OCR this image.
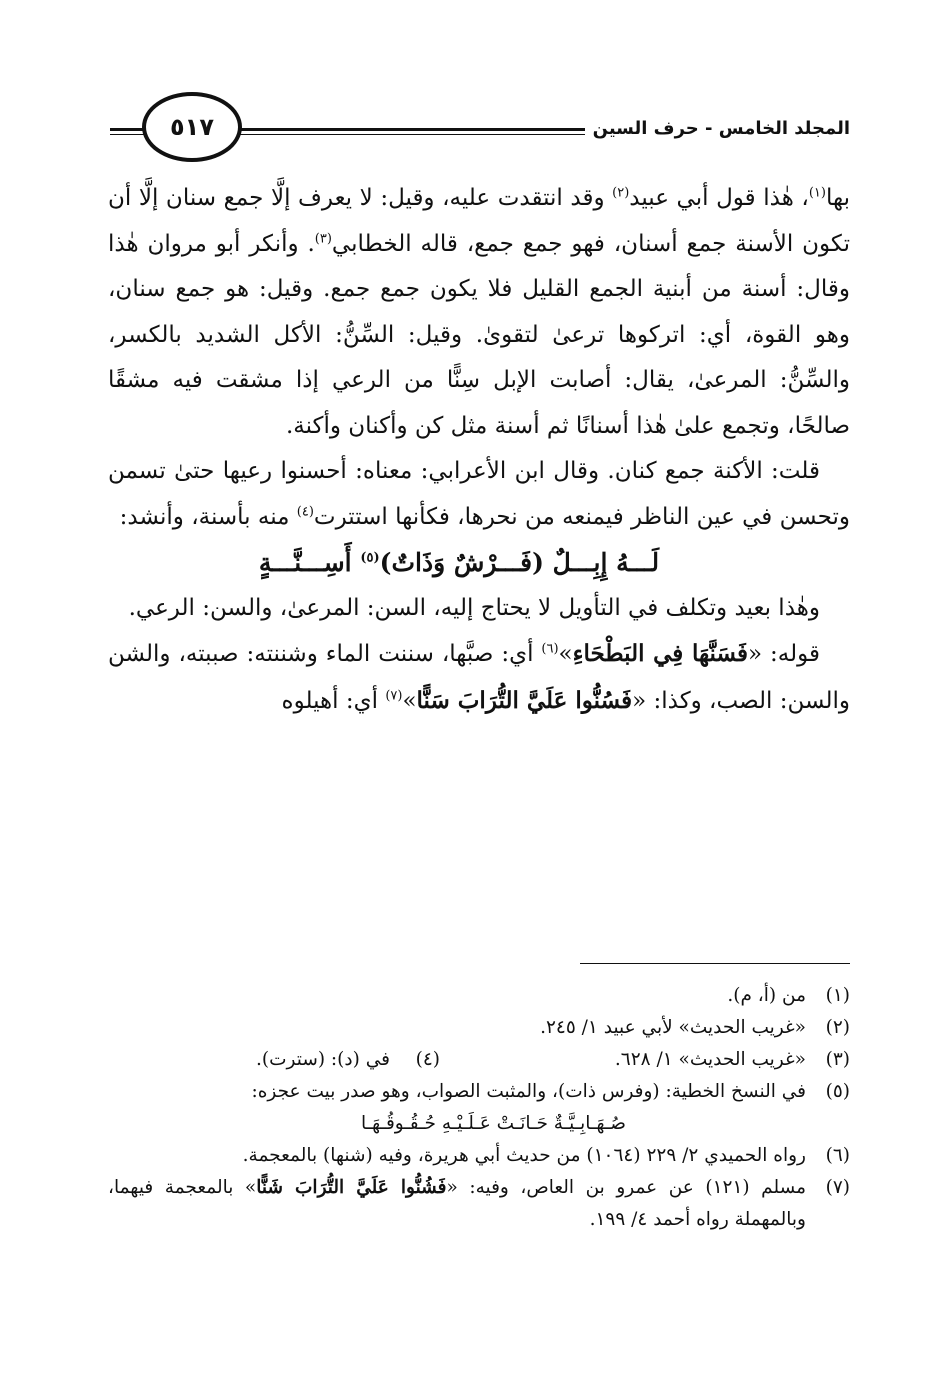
المجلد الخامس - حرف السين
٥١٧

بها$^{(١)}$، هٰذا قول أبي عبيد$^{(٢)}$ وقد انتقدت عليه، وقيل: لا يعرف إلَّا جمع سنان إلَّا أن تكون الأسنة جمع أسنان، فهو جمع جمع، قاله الخطابي$^{(٣)}$. وأنكر أبو مروان هٰذا وقال: أسنة من أبنية الجمع القليل فلا يكون جمع جمع. وقيل: هو جمع سنان، وهو القوة، أي: اتركوها ترعىٰ لتقوىٰ. وقيل: السِّنُّ: الأكل الشديد بالكسر، والسِّنُّ: المرعىٰ، يقال: أصابت الإبل سِنًّا من الرعي إذا مشقت فيه مشقًا صالحًا، وتجمع علىٰ هٰذا أسنانًا ثم أسنة مثل كن وأكنان وأكنة.

قلت: الأكنة جمع كنان. وقال ابن الأعرابي: معناه: أحسنوا رعيها حتىٰ تسمن وتحسن في عين الناظر فيمنعه من نحرها، فكأنها استترت$^{(٤)}$ منه بأسنة، وأنشد:

لَـــهُ إِبِـــلٌ (فَـــرْشٌ وَذَاتٌ)$^{(٥)}$ أَسِـــنَّـــةٍ

وهٰذا بعيد وتكلف في التأويل لا يحتاج إليه، السن: المرعىٰ، والسن: الرعي.

قوله: «فَسَنَّهَا فِي البَطْحَاءِ»$^{(٦)}$ أي: صبَّها، سننت الماء وشننته: صببته، والشن والسن: الصب، وكذا: «فَسُنُّوا عَلَيَّ التُّرَابَ سَنًّا»$^{(٧)}$ أي: أهيلوه

(١)
من (أ، م).
(٢)
«غريب الحديث» لأبي عبيد ١/ ٢٤٥.
(٣)
«غريب الحديث» ١/ ٦٢٨.
(٤)
في (د): (سترت).
(٥)
في النسخ الخطية: (وفرس ذات)، والمثبت الصواب، وهو صدر بيت عجزه:
صُـهَـابِـيَّـةٌ حَـانَـتْ عَـلَـيْـهِ حُـقُـوقُـهَـا
(٦)
رواه الحميدي ٢/ ٢٢٩ (١٠٦٤) من حديث أبي هريرة، وفيه (شنها) بالمعجمة.
(٧)
مسلم (١٢١) عن عمرو بن العاص، وفيه: «فَشُنُّوا عَلَيَّ التُّرَابَ شَنًّا» بالمعجمة فيهما، وبالمهملة رواه أحمد ٤/ ١٩٩.
